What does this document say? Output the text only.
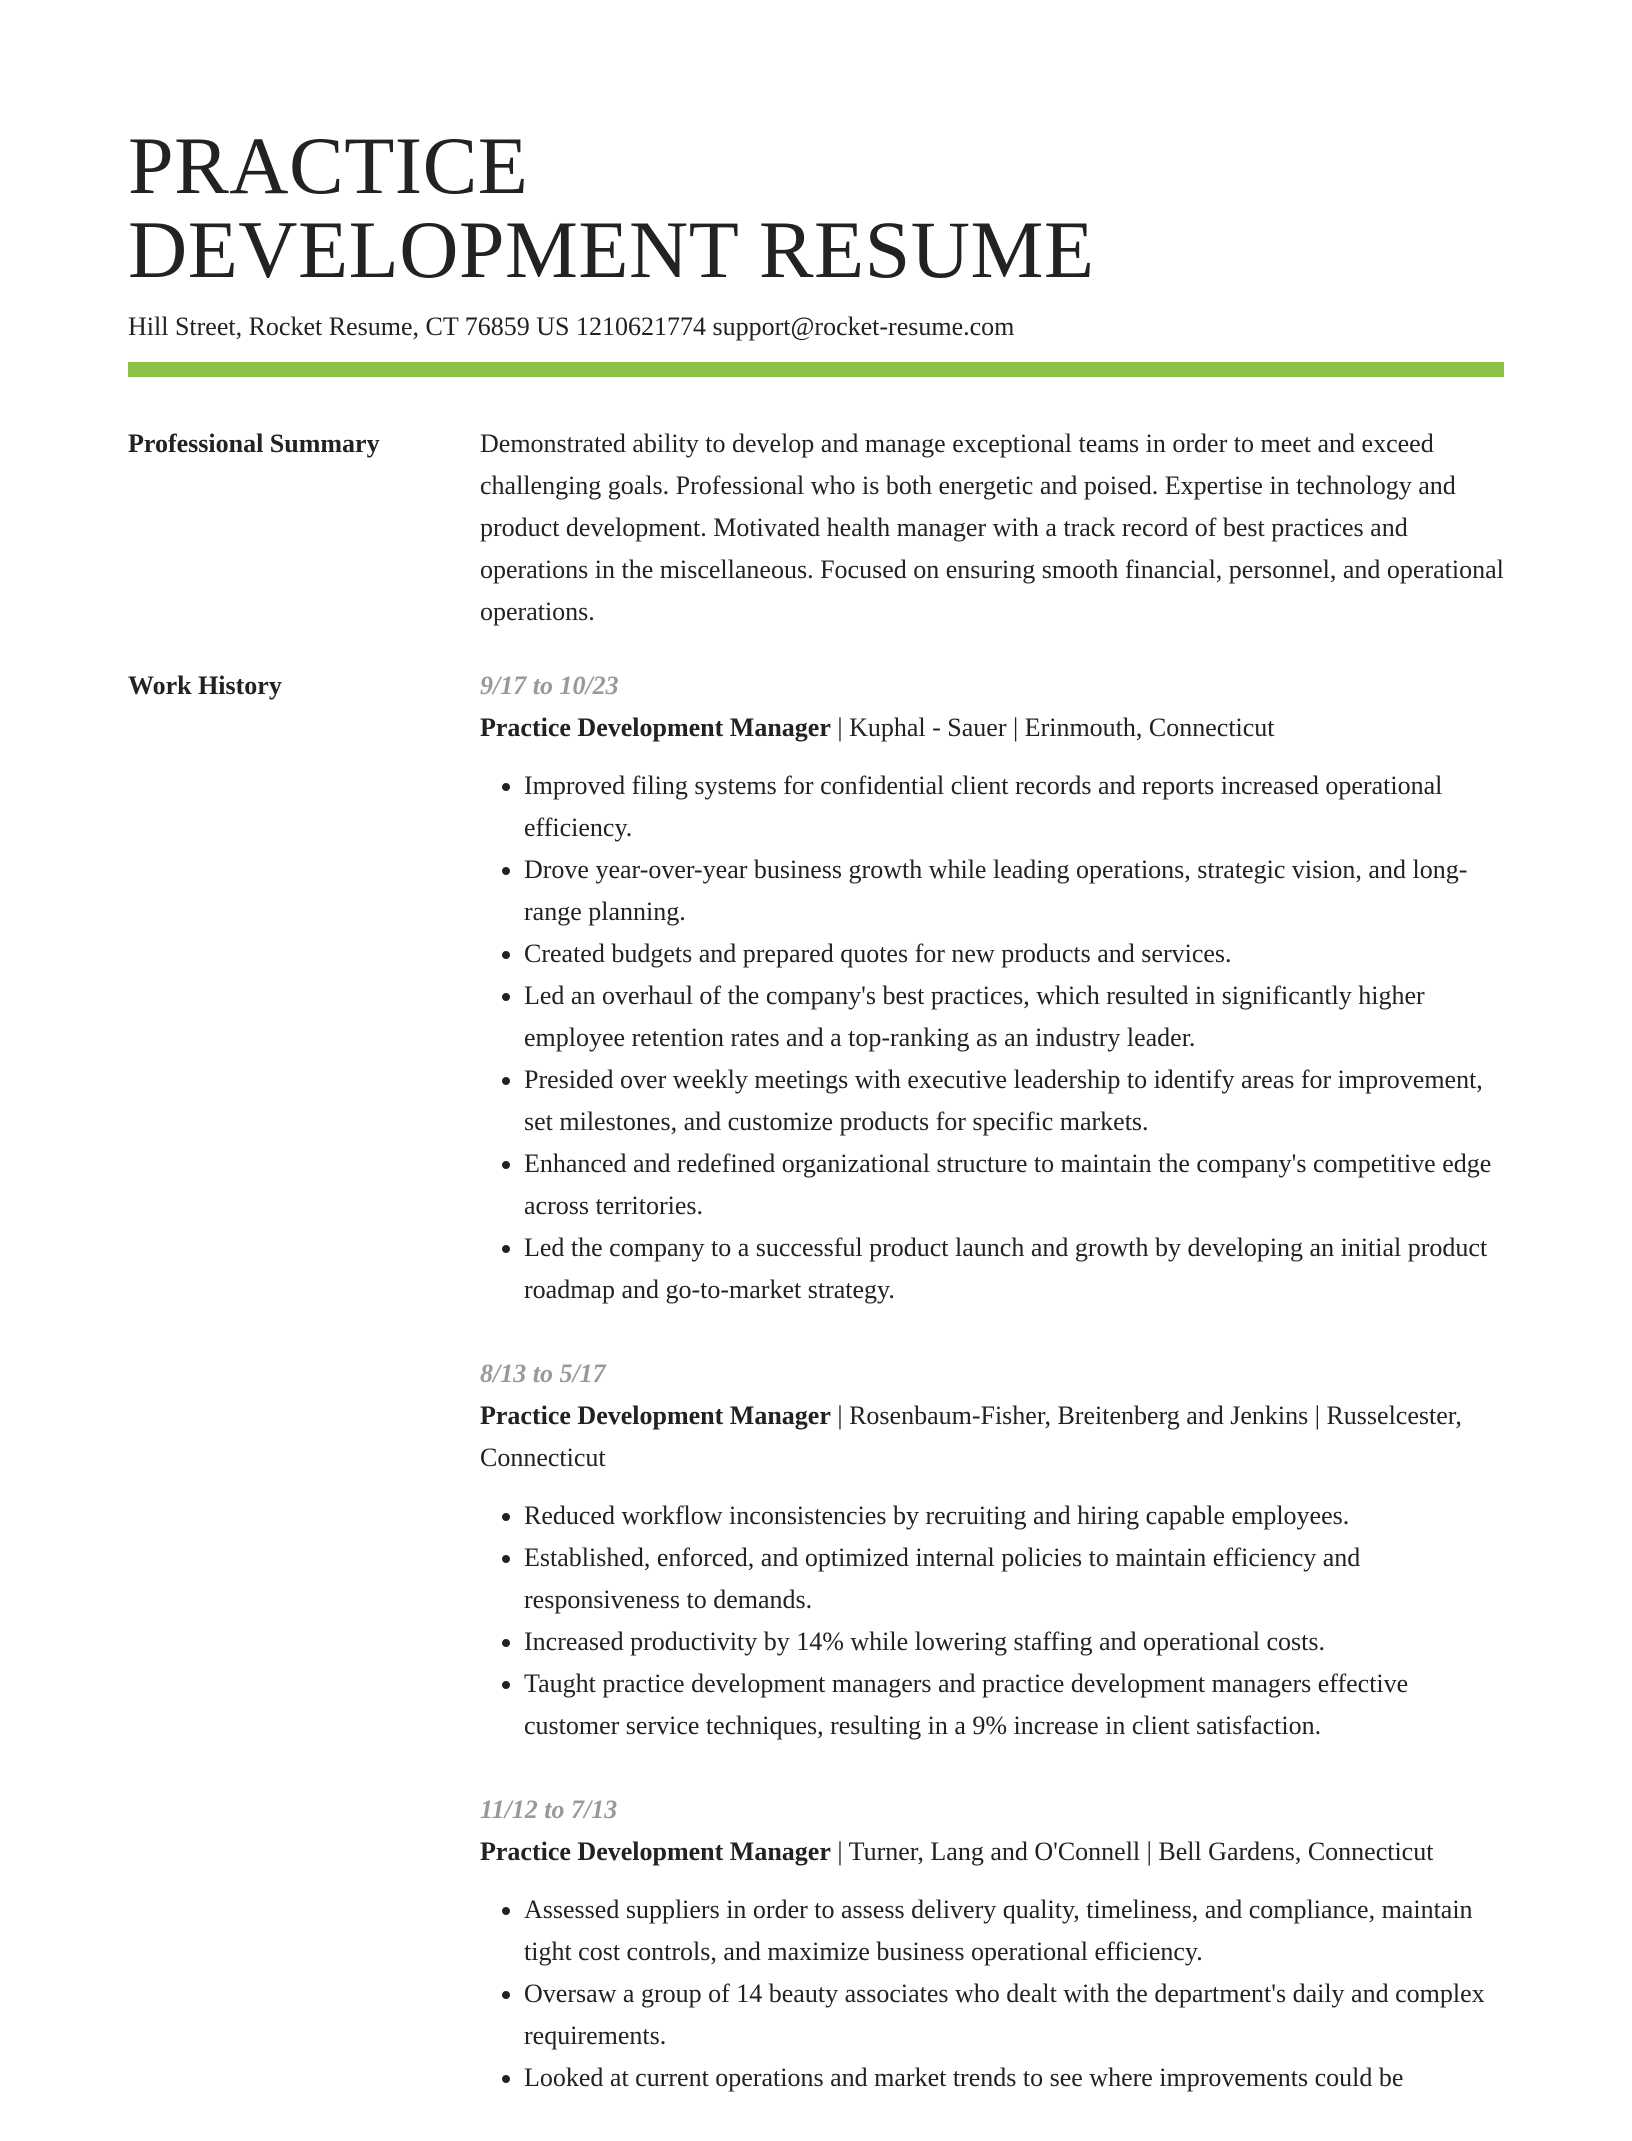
PRACTICE
DEVELOPMENT RESUME
Hill Street, Rocket Resume, CT 76859 US 1210621774 support@rocket-resume.com
Professional Summary	Demonstrated ability to develop and manage exceptional teams in order to meet and exceed challenging goals. Professional who is both energetic and poised. Expertise in technology and product development. Motivated health manager with a track record of best practices and operations in the miscellaneous. Focused on ensuring smooth financial, personnel, and operational operations.

Work History	9/17 to 10/23
Practice Development Manager | Kuphal - Sauer | Erinmouth, Connecticut
• Improved filing systems for confidential client records and reports increased operational efficiency.
• Drove year-over-year business growth while leading operations, strategic vision, and long-range planning.
• Created budgets and prepared quotes for new products and services.
• Led an overhaul of the company's best practices, which resulted in significantly higher employee retention rates and a top-ranking as an industry leader.
• Presided over weekly meetings with executive leadership to identify areas for improvement, set milestones, and customize products for specific markets.
• Enhanced and redefined organizational structure to maintain the company's competitive edge across territories.
• Led the company to a successful product launch and growth by developing an initial product roadmap and go-to-market strategy.
8/13 to 5/17
Practice Development Manager | Rosenbaum-Fisher, Breitenberg and Jenkins | Russelcester, Connecticut
• Reduced workflow inconsistencies by recruiting and hiring capable employees.
• Established, enforced, and optimized internal policies to maintain efficiency and responsiveness to demands.
• Increased productivity by 14% while lowering staffing and operational costs.
• Taught practice development managers and practice development managers effective customer service techniques, resulting in a 9% increase in client satisfaction.
11/12 to 7/13
Practice Development Manager | Turner, Lang and O'Connell | Bell Gardens, Connecticut
• Assessed suppliers in order to assess delivery quality, timeliness, and compliance, maintain tight cost controls, and maximize business operational efficiency.
• Oversaw a group of 14 beauty associates who dealt with the department's daily and complex requirements.
• Looked at current operations and market trends to see where improvements could be
